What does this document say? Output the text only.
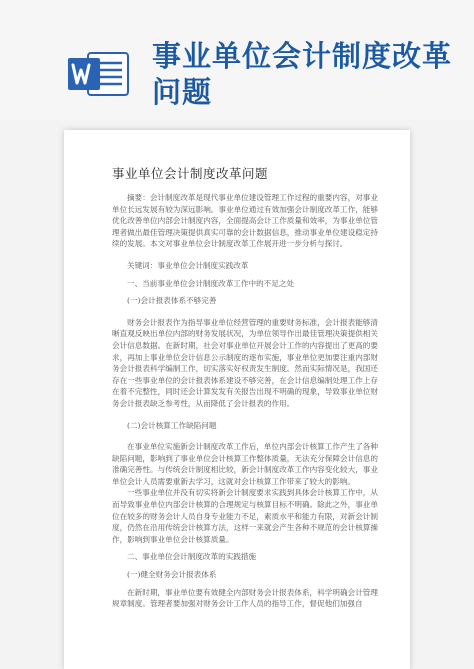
事业单位会计制度改革
问题
事业单位会计制度改革问题

摘要：会计制度改革是现代事业单位建设管理工作过程的重要内容，对事业单位长远发展有较为深远影响。事业单位通过有效加强会计制度改革工作，能够优化改善单位内部会计制度内容，全面提高会计工作质量和效率，为事业单位管理者做出最佳管理决策提供真实可靠的会计数据信息，推动事业单位建设稳定持续的发展。本文对事业单位会计制度改革工作展开进一步分析与探讨。

关键词：事业单位会计制度实践改革
一、当前事业单位会计制度改革工作中的不足之处
(一)会计报表体系不够完善

财务会计报表作为指导事业单位经营管理的重要财务标准，会计报表能够清晰直观反映出单位内部的财务发展状况，为单位领导作出最佳管理决策提供相关会计信息数据。在新时期，社会对事业单位开展会计工作的内容提出了更高的要求，再加上事业单位会计信息公示制度的逐布实施，事业单位更加要注重内部财务会计报表科学编制工作，切实落实好权责发生制度。然而实际情况是，我国还存在一些事业单位的会计报表体系建设不够完善，在会计信息编制处理工作上存在着不完整性，同时还会计算发发有关报告出现不明确的现象，导致事业单位财务会计报表缺乏参考性，从而降低了会计报表的作用。

(二)会计核算工作缺陷问题

在事业单位实施新会计制度改革工作后，单位内部会计核算工作产生了各种缺陷问题，影响到了事业单位会计核算工作整体质量，无法充分保障会计信息的准确完善性。与传统会计制度相比较，新会计制度改革工作内容变化较大，事业单位会计人员需要重新去学习，这就对会计核算工作带来了较大的影响。

一些事业单位并没有切实将新会计制度要求实践到具体会计核算工作中，从而导致事业单位内部会计核算的合理规定与核算目标不明确。除此之外，事业单位在较多的财务会计人员自身专业能力不足，素质水平和能力有限，对新会计制度，仍然在沿用传统会计核算方法，这样一来就会产生各种不规范的会计核算操作，影响到事业单位会计核算质量。

二、事业单位会计制度改革的实践措施
(一)健全财务会计报表体系

在新时期，事业单位要有效健全内部财务会计报表体系，科学明确会计管理规章制度。管理者要加强对财务会计工作人员的指导工作，督促他们加强自
